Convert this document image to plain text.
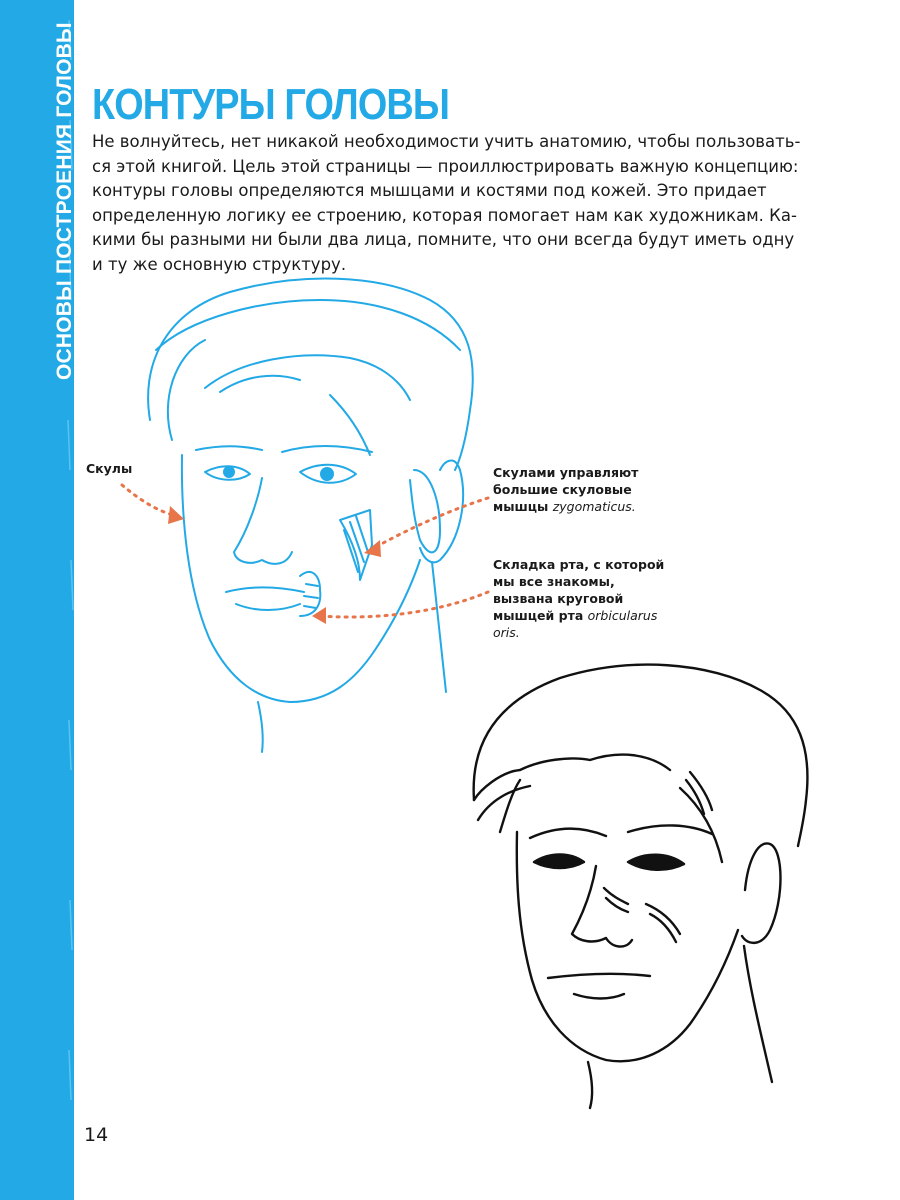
ОСНОВЫ ПОСТРОЕНИЯ ГОЛОВЫ КОНТУРЫ ГОЛОВЫ

Не волнуйтесь, нет никакой необходимости учить анатомию, чтобы пользовать-
ся этой книгой. Цель этой страницы — проиллюстрировать важную концепцию:
контуры головы определяются мышцами и костями под кожей. Это придает
определенную логику ее строению, которая помогает нам как художникам. Ка-
кими бы разными ни были два лица, помните, что они всегда будут иметь одну
и ту же основную структуру.

Скулы	Скулами управляют
большие скуловые
мышцы zygomaticus.
Складка рта, с которой
мы все знакомы,
вызвана круговой
мышцей рта orbicularus
oris.
14
